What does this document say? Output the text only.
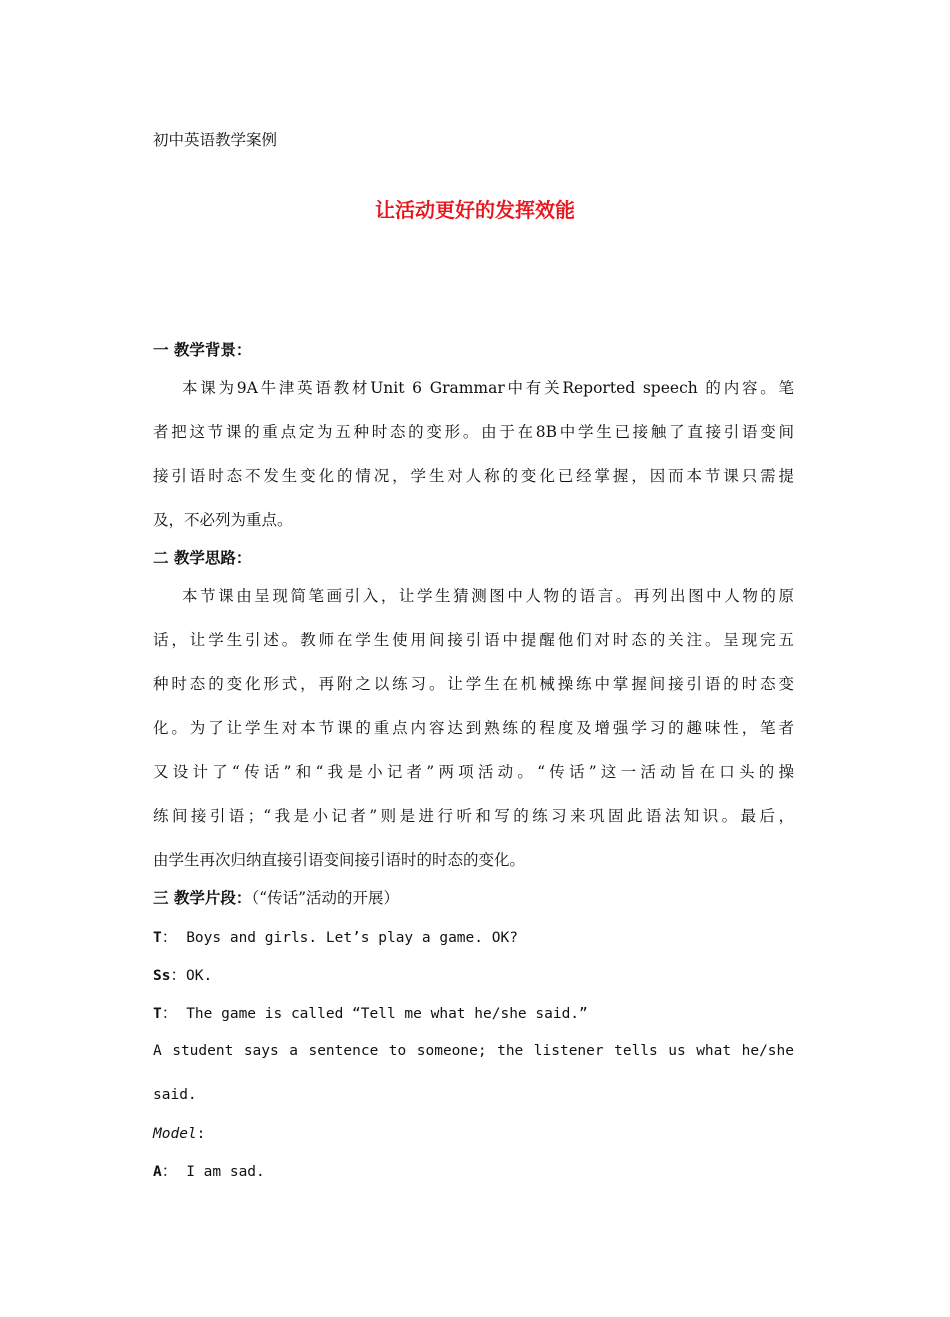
初中英语教学案例
让活动更好的发挥效能
一 教学背景：
本课为9A牛津英语教材Unit 6 Grammar中有关Reported speech 的内容。笔
者把这节课的重点定为五种时态的变形。由于在8B中学生已接触了直接引语变间
接引语时态不发生变化的情况，学生对人称的变化已经掌握，因而本节课只需提
及，不必列为重点。
二 教学思路：
本节课由呈现简笔画引入，让学生猜测图中人物的语言。再列出图中人物的原
话，让学生引述。教师在学生使用间接引语中提醒他们对时态的关注。呈现完五
种时态的变化形式，再附之以练习。让学生在机械操练中掌握间接引语的时态变
化。为了让学生对本节课的重点内容达到熟练的程度及增强学习的趣味性，笔者
又设计了“传话”和“我是小记者”两项活动。“传话”这一活动旨在口头的操
练间接引语；“我是小记者”则是进行听和写的练习来巩固此语法知识。最后，
由学生再次归纳直接引语变间接引语时的时态的变化。
三 教学片段：（“传话”活动的开展）
T： Boys and girls. Let’s play a game. OK?
Ss：OK.
T： The game is called “Tell me what he/she said.”
A student says a sentence to someone; the listener tells us what he/she
said.
Model:
A： I am sad.
